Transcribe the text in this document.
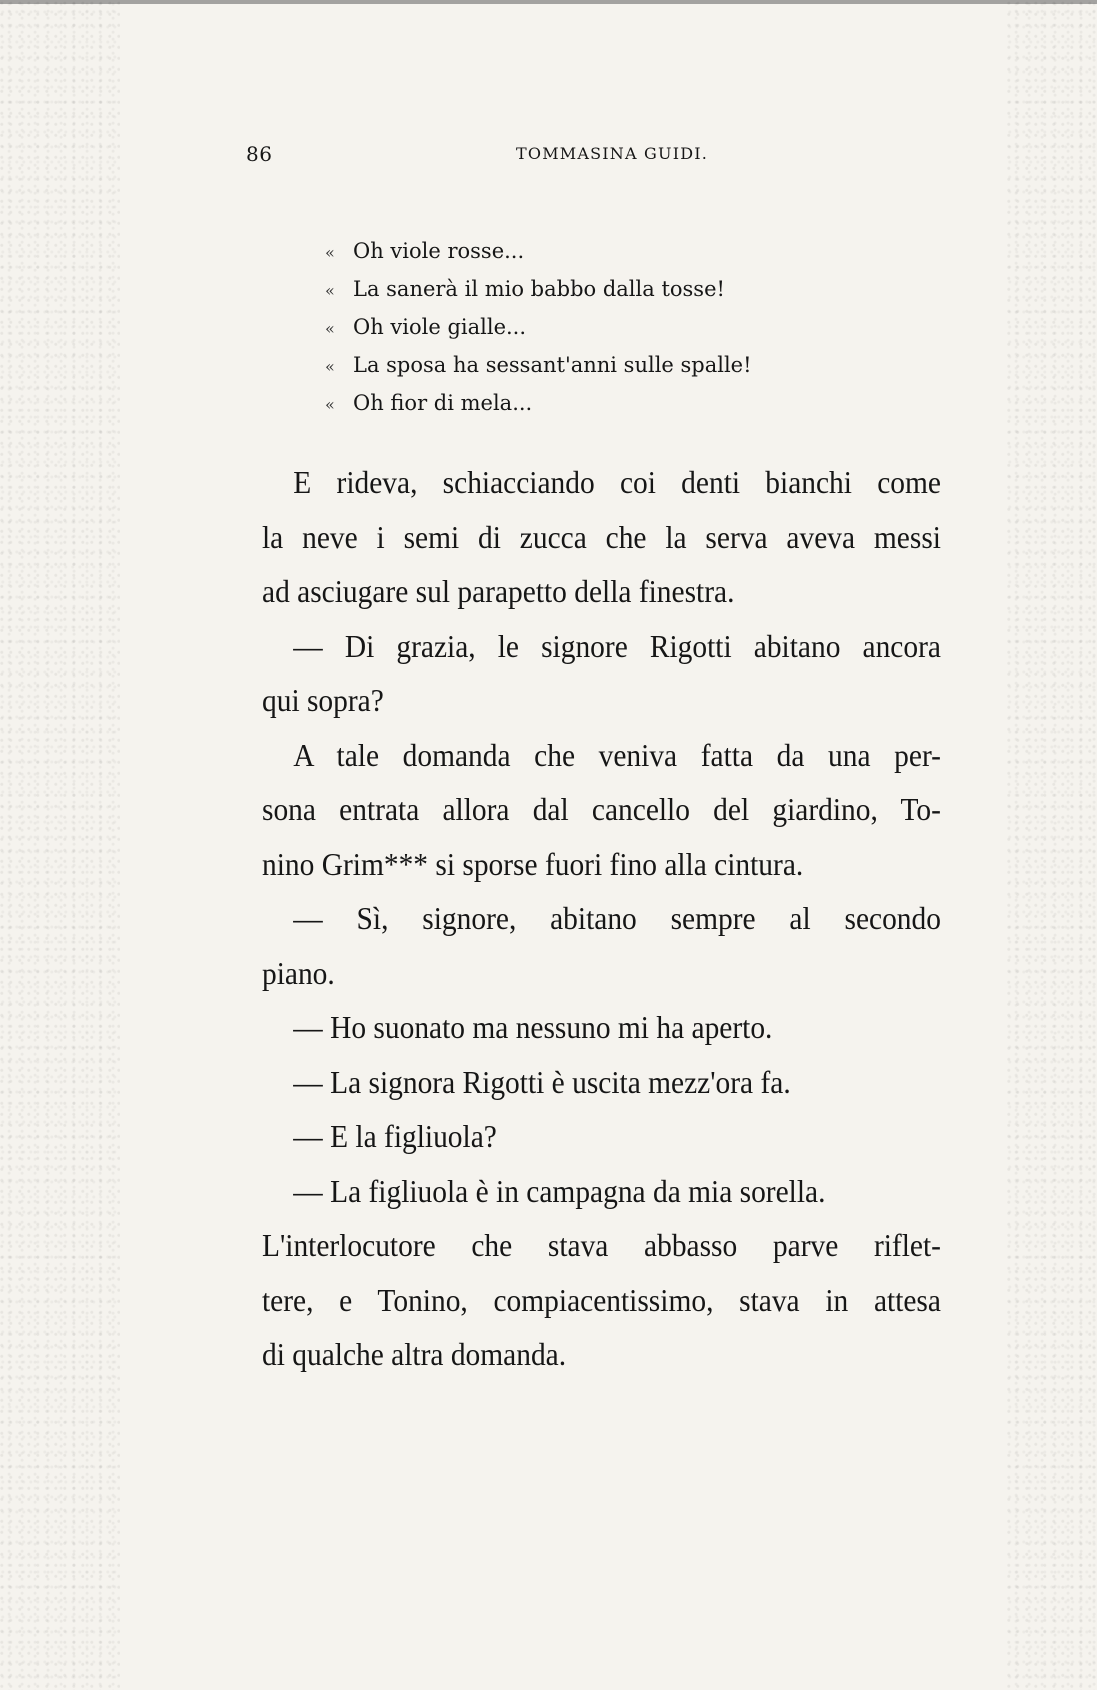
86	TOMMASINA GUIDI.
« Oh viole rosse...
« La sanerà il mio babbo dalla tosse!
« Oh viole gialle...
« La sposa ha sessant'anni sulle spalle!
« Oh fior di mela...
E rideva, schiacciando coi denti bianchi come
la neve i semi di zucca che la serva aveva messi
ad asciugare sul parapetto della finestra.
— Di grazia, le signore Rigotti abitano ancora
qui sopra?
A tale domanda che veniva fatta da una per-
sona entrata allora dal cancello del giardino, To-
nino Grim*** si sporse fuori fino alla cintura.
— Sì, signore, abitano sempre al secondo
piano.
— Ho suonato ma nessuno mi ha aperto.
— La signora Rigotti è uscita mezz'ora fa.
— E la figliuola?
— La figliuola è in campagna da mia sorella.
L'interlocutore che stava abbasso parve riflet-
tere, e Tonino, compiacentissimo, stava in attesa
di qualche altra domanda.
